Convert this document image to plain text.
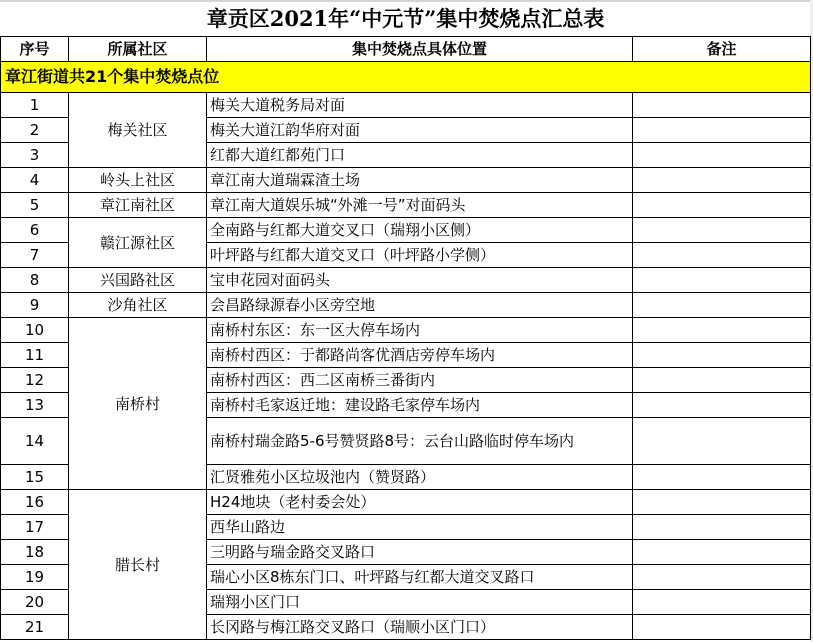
章贡区2021年“中元节”集中焚烧点汇总表			
序号	所属社区	集中焚烧点具体位置	备注
章江街道共21个集中焚烧点位			
1	梅关社区	梅关大道税务局对面	
2		梅关大道江韵华府对面	
3		红都大道红都苑门口	
4	岭头上社区	章江南大道瑞霖渣土场	
5	章江南社区	章江南大道娱乐城“外滩一号”对面码头	
6	赣江源社区	全南路与红都大道交叉口（瑞翔小区侧）	
7		叶坪路与红都大道交叉口（叶坪路小学侧）	
8	兴国路社区	宝申花园对面码头	
9	沙角社区	会昌路绿源春小区旁空地	
10	南桥村	南桥村东区：东一区大停车场内	
11		南桥村西区：于都路尚客优酒店旁停车场内	
12		南桥村西区：西二区南桥三番街内	
13		南桥村毛家返迁地：建设路毛家停车场内	
14		南桥村瑞金路5-6号赞贤路8号：云台山路临时停车场内	
15		汇贤雅苑小区垃圾池内（赞贤路）	
16	腊长村	H24地块（老村委会处）	
17		西华山路边	
18		三明路与瑞金路交叉路口	
19		瑞心小区8栋东门口、叶坪路与红都大道交叉路口	
20		瑞翔小区门口	
21		长冈路与梅江路交叉路口（瑞顺小区门口）	
